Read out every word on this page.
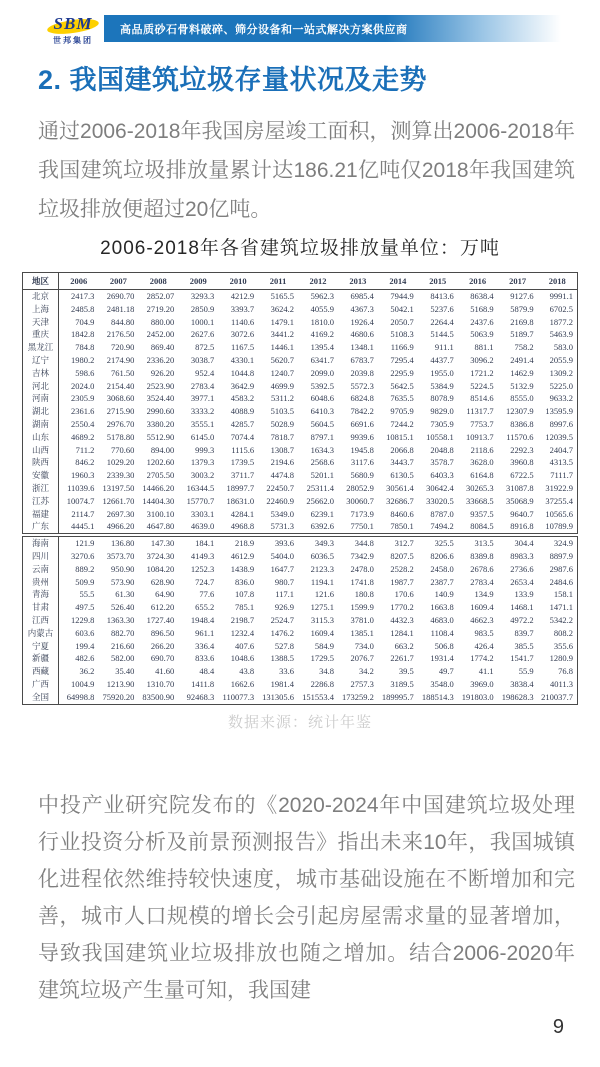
SBM
世邦集团
高品质砂石骨料破碎、筛分设备和一站式解决方案供应商
2. 我国建筑垃圾存量状况及走势

通过2006-2018年我国房屋竣工面积，测算出2006-2018年我国建筑垃圾排放量累计达186.21亿吨仅2018年我国建筑垃圾排放便超过20亿吨。

2006-2018年各省建筑垃圾排放量单位：万吨
地区	2006	2007	2008	2009	2010	2011	2012	2013	2014	2015	2016	2017	2018
北京	2417.3	2690.70	2852.07	3293.3	4212.9	5165.5	5962.3	6985.4	7944.9	8413.6	8638.4	9127.6	9991.1
上海	2485.8	2481.18	2719.20	2850.9	3393.7	3624.2	4055.9	4367.3	5042.1	5237.6	5168.9	5879.9	6702.5
天津	704.9	844.80	880.00	1000.1	1140.6	1479.1	1810.0	1926.4	2050.7	2264.4	2437.6	2169.8	1877.2
重庆	1842.8	2176.50	2452.00	2627.6	3072.6	3441.2	4169.2	4680.6	5108.3	5144.5	5063.9	5189.7	5463.9
黑龙江	784.8	720.90	869.40	872.5	1167.5	1446.1	1395.4	1348.1	1166.9	911.1	881.1	758.2	583.0
辽宁	1980.2	2174.90	2336.20	3038.7	4330.1	5620.7	6341.7	6783.7	7295.4	4437.7	3096.2	2491.4	2055.9
吉林	598.6	761.50	926.20	952.4	1044.8	1240.7	2099.0	2039.8	2295.9	1955.0	1721.2	1462.9	1309.2
河北	2024.0	2154.40	2523.90	2783.4	3642.9	4699.9	5392.5	5572.3	5642.5	5384.9	5224.5	5132.9	5225.0
河南	2305.9	3068.60	3524.40	3977.1	4583.2	5311.2	6048.6	6824.8	7635.5	8078.9	8514.6	8555.0	9633.2
湖北	2361.6	2715.90	2990.60	3333.2	4088.9	5103.5	6410.3	7842.2	9705.9	9829.0	11317.7	12307.9	13595.9
湖南	2550.4	2976.70	3380.20	3555.1	4285.7	5028.9	5604.5	6691.6	7244.2	7305.9	7753.7	8386.8	8997.6
山东	4689.2	5178.80	5512.90	6145.0	7074.4	7818.7	8797.1	9939.6	10815.1	10558.1	10913.7	11570.6	12039.5
山西	711.2	770.60	894.00	999.3	1115.6	1308.7	1634.3	1945.8	2066.8	2048.8	2118.6	2292.3	2404.7
陕西	846.2	1029.20	1202.60	1379.3	1739.5	2194.6	2568.6	3117.6	3443.7	3578.7	3628.0	3960.8	4313.5
安徽	1960.3	2339.30	2705.50	3003.2	3711.7	4474.8	5201.1	5680.9	6130.5	6403.3	6164.8	6722.5	7111.7
浙江	11039.6	13197.50	14466.20	16344.5	18997.7	22450.7	25311.4	28052.9	30561.4	30642.4	30265.3	31087.8	31922.9
江苏	10074.7	12661.70	14404.30	15770.7	18631.0	22460.9	25662.0	30060.7	32686.7	33020.5	33668.5	35068.9	37255.4
福建	2114.7	2697.30	3100.10	3303.1	4284.1	5349.0	6239.1	7173.9	8460.6	8787.0	9357.5	9640.7	10565.6
广东	4445.1	4966.20	4647.80	4639.0	4968.8	5731.3	6392.6	7750.1	7850.1	7494.2	8084.5	8916.8	10789.9
海南	121.9	136.80	147.30	184.1	218.9	393.6	349.3	344.8	312.7	325.5	313.5	304.4	324.9
四川	3270.6	3573.70	3724.30	4149.3	4612.9	5404.0	6036.5	7342.9	8207.5	8206.6	8389.8	8983.3	8897.9
云南	889.2	950.90	1084.20	1252.3	1438.9	1647.7	2123.3	2478.0	2528.2	2458.0	2678.6	2736.6	2987.6
贵州	509.9	573.90	628.90	724.7	836.0	980.7	1194.1	1741.8	1987.7	2387.7	2783.4	2653.4	2484.6
青海	55.5	61.30	64.90	77.6	107.8	117.1	121.6	180.8	170.6	140.9	134.9	133.9	158.1
甘肃	497.5	526.40	612.20	655.2	785.1	926.9	1275.1	1599.9	1770.2	1663.8	1609.4	1468.1	1471.1
江西	1229.8	1363.30	1727.40	1948.4	2198.7	2524.7	3115.3	3781.0	4432.3	4683.0	4662.3	4972.2	5342.2
内蒙古	603.6	882.70	896.50	961.1	1232.4	1476.2	1609.4	1385.1	1284.1	1108.4	983.5	839.7	808.2
宁夏	199.4	216.60	266.20	336.4	407.6	527.8	584.9	734.0	663.2	506.8	426.4	385.5	355.6
新疆	482.6	582.00	690.70	833.6	1048.6	1388.5	1729.5	2076.7	2261.7	1931.4	1774.2	1541.7	1280.9
西藏	36.2	35.40	41.60	48.4	43.8	33.6	34.8	34.2	39.5	49.7	41.1	55.9	76.8
广西	1004.9	1213.90	1310.70	1411.8	1662.6	1981.4	2286.8	2757.3	3189.5	3548.0	3969.0	3838.4	4011.3
全国	64998.8	75920.20	83500.90	92468.3	110077.3	131305.6	151553.4	173259.2	189995.7	188514.3	191803.0	198628.3	210037.7
数据来源：统计年鉴

中投产业研究院发布的《2020-2024年中国建筑垃圾处理行业投资分析及前景预测报告》指出未来10年，我国城镇化进程依然维持较快速度，城市基础设施在不断增加和完善，城市人口规模的增长会引起房屋需求量的显著增加，导致我国建筑业垃圾排放也随之增加。结合2006-2020年建筑垃圾产生量可知，我国建

9
